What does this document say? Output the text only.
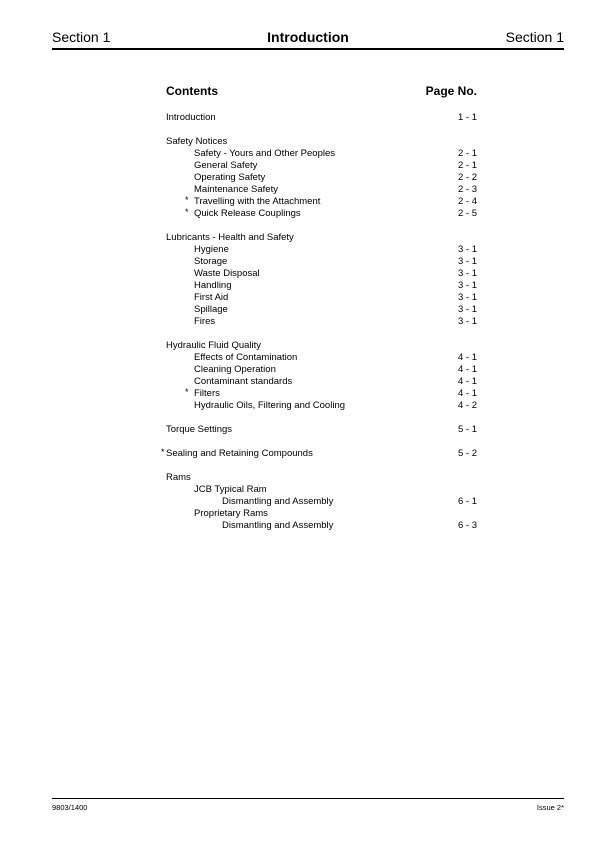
Section 1	Introduction	Section 1
Contents	Page No.
Introduction	1 - 1
Safety Notices
Safety - Yours and Other Peoples	2 - 1
General Safety	2 - 1
Operating Safety	2 - 2
Maintenance Safety	2 - 3
* Travelling with the Attachment	2 - 4
* Quick Release Couplings	2 - 5
Lubricants - Health and Safety
Hygiene	3 - 1
Storage	3 - 1
Waste Disposal	3 - 1
Handling	3 - 1
First Aid	3 - 1
Spillage	3 - 1
Fires	3 - 1
Hydraulic Fluid Quality
Effects of Contamination	4 - 1
Cleaning Operation	4 - 1
Contaminant standards	4 - 1
* Filters	4 - 1
Hydraulic Oils, Filtering and Cooling	4 - 2
Torque Settings	5 - 1
* Sealing and Retaining Compounds	5 - 2
Rams
JCB Typical Ram
Dismantling and Assembly	6 - 1
Proprietary Rams
Dismantling and Assembly	6 - 3
9803/1400	Issue 2*
